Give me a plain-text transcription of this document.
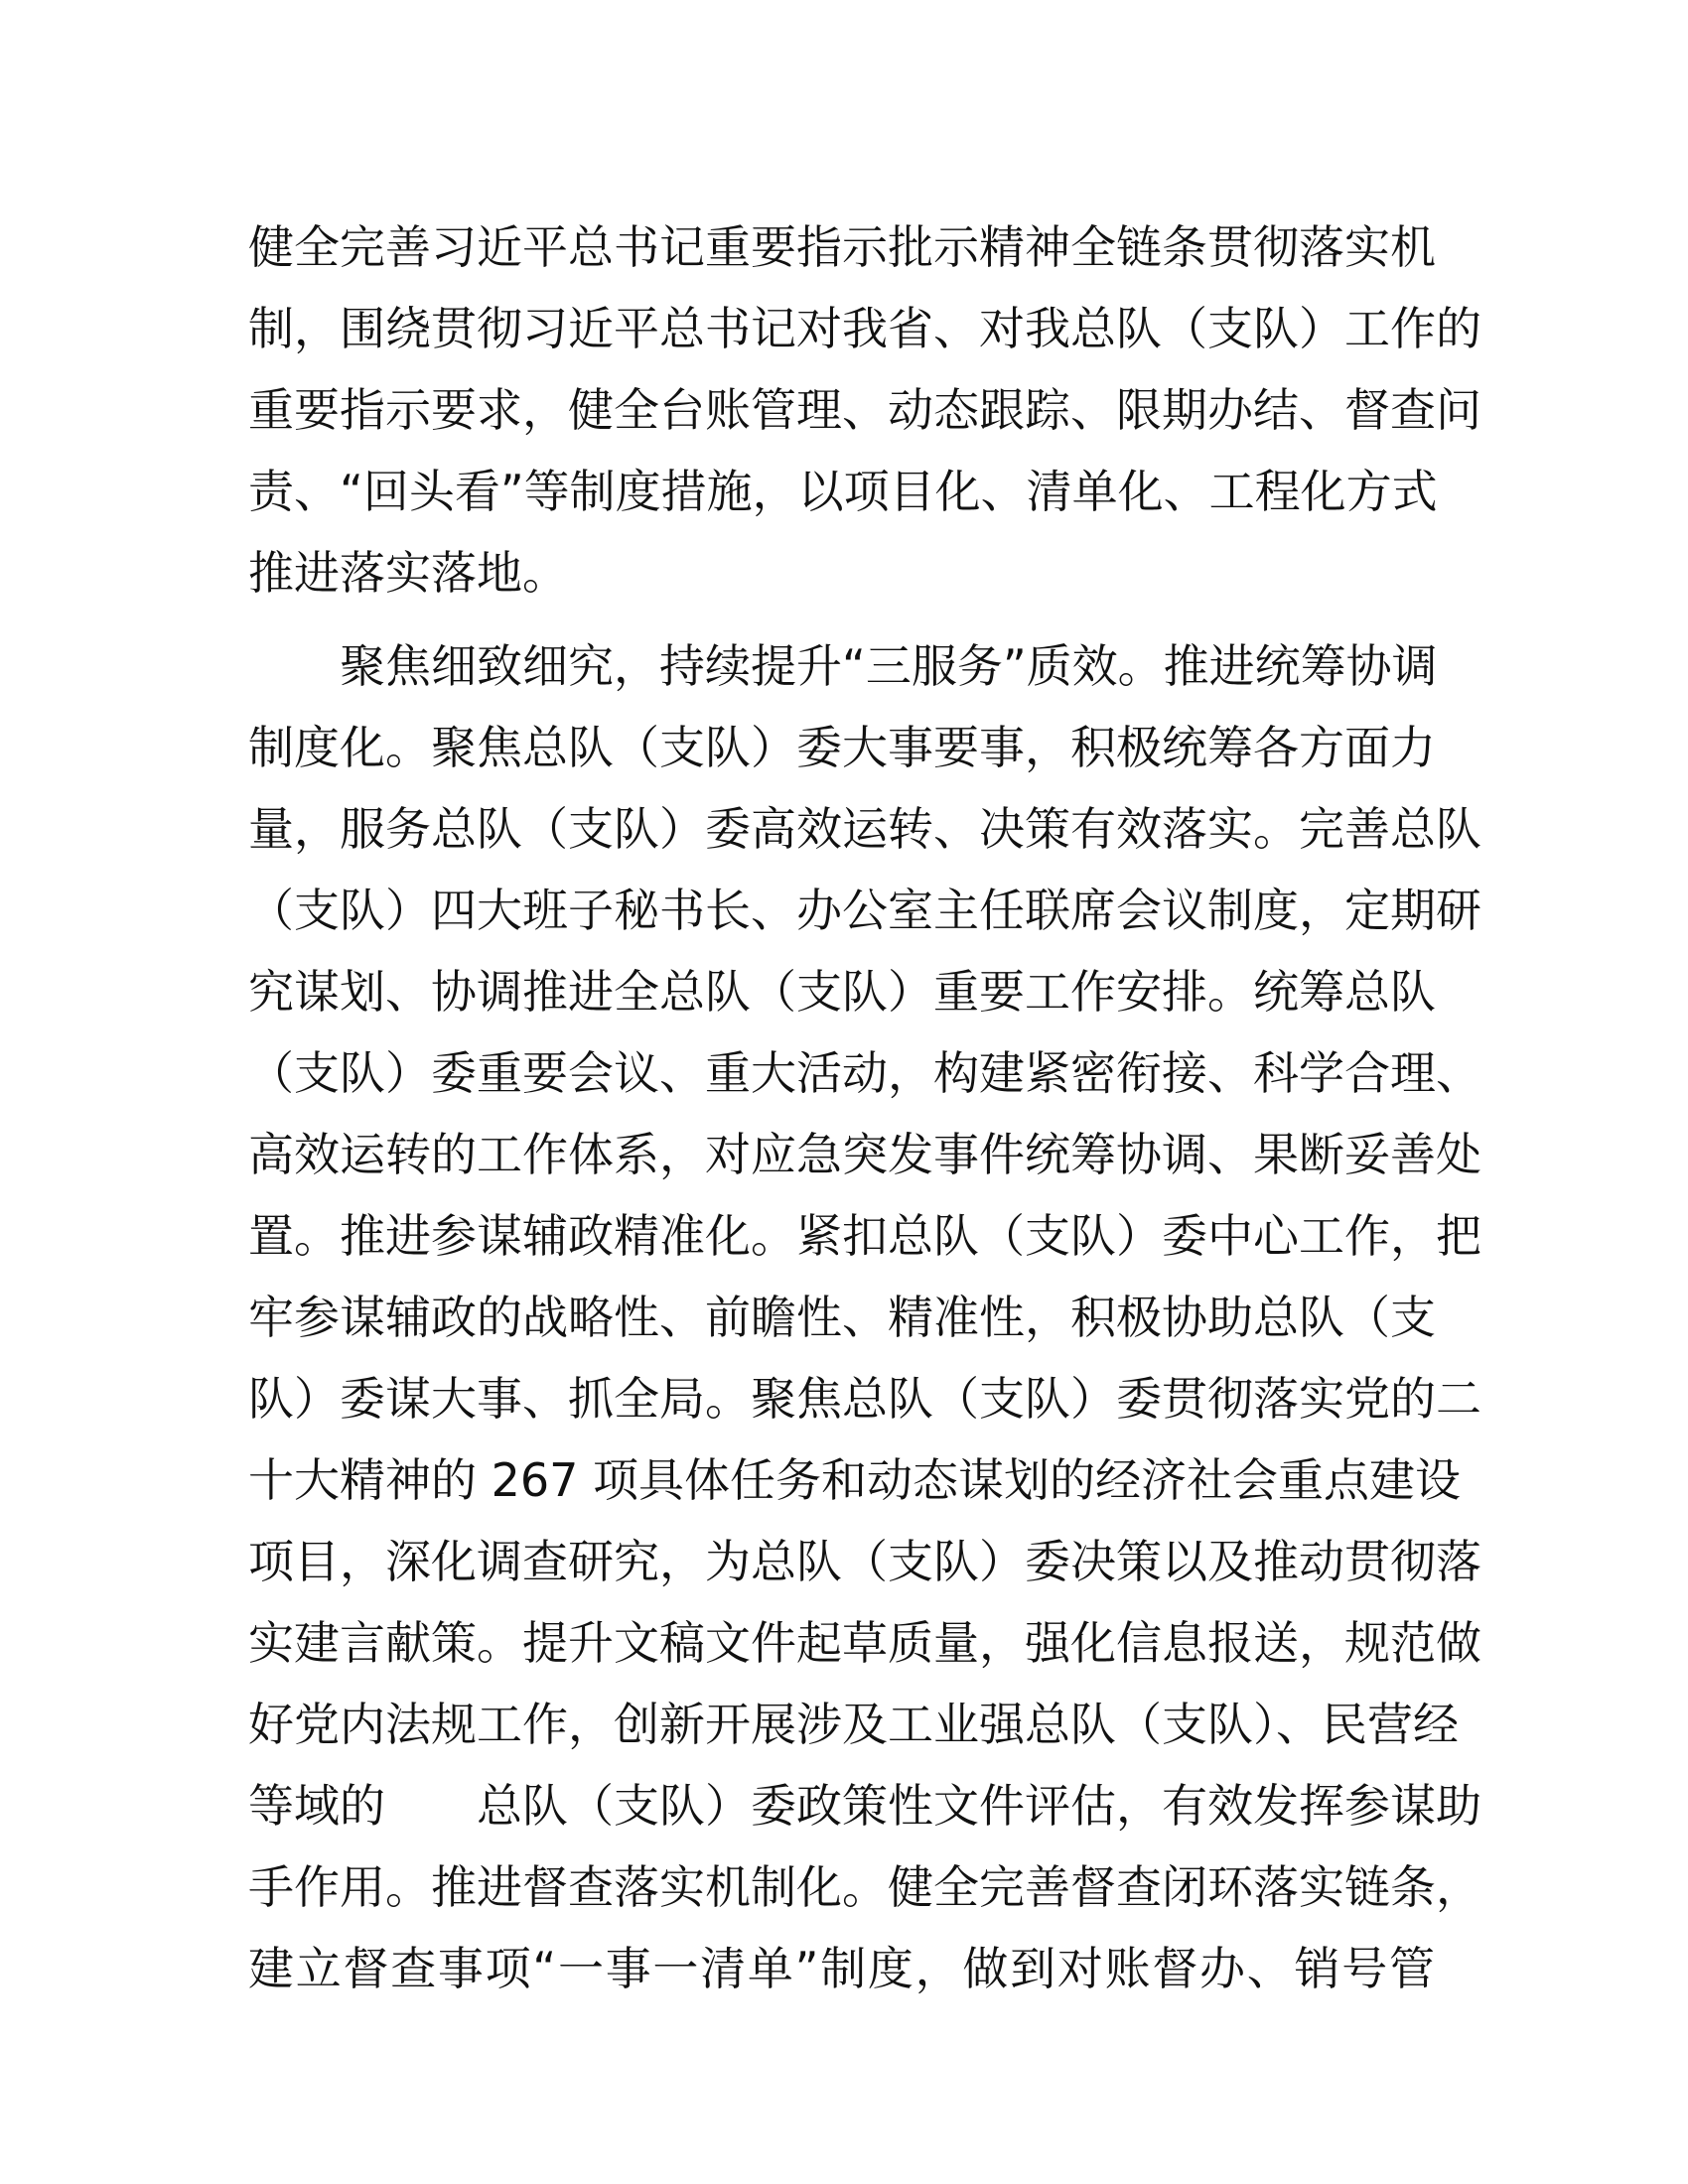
健全完善习近平总书记重要指示批示精神全链条贯彻落实机
制，围绕贯彻习近平总书记对我省、对我总队（支队）工作的
重要指示要求，健全台账管理、动态跟踪、限期办结、督查问
责、“回头看”等制度措施，以项目化、清单化、工程化方式
推进落实落地。
聚焦细致细究，持续提升“三服务”质效。推进统筹协调
制度化。聚焦总队（支队）委大事要事，积极统筹各方面力
量，服务总队（支队）委高效运转、决策有效落实。完善总队
（支队）四大班子秘书长、办公室主任联席会议制度，定期研
究谋划、协调推进全总队（支队）重要工作安排。统筹总队
（支队）委重要会议、重大活动，构建紧密衔接、科学合理、
高效运转的工作体系，对应急突发事件统筹协调、果断妥善处
置。推进参谋辅政精准化。紧扣总队（支队）委中心工作，把
牢参谋辅政的战略性、前瞻性、精准性，积极协助总队（支
队）委谋大事、抓全局。聚焦总队（支队）委贯彻落实党的二
十大精神的 267 项具体任务和动态谋划的经济社会重点建设
项目，深化调查研究，为总队（支队）委决策以及推动贯彻落
实建言献策。提升文稿文件起草质量，强化信息报送，规范做
好党内法规工作，创新开展涉及工业强总队（支队）、民营经
等域的 总队（支队）委政策性文件评估，有效发挥参谋助
手作用。推进督查落实机制化。健全完善督查闭环落实链条，
建立督查事项“一事一清单”制度，做到对账督办、销号管
